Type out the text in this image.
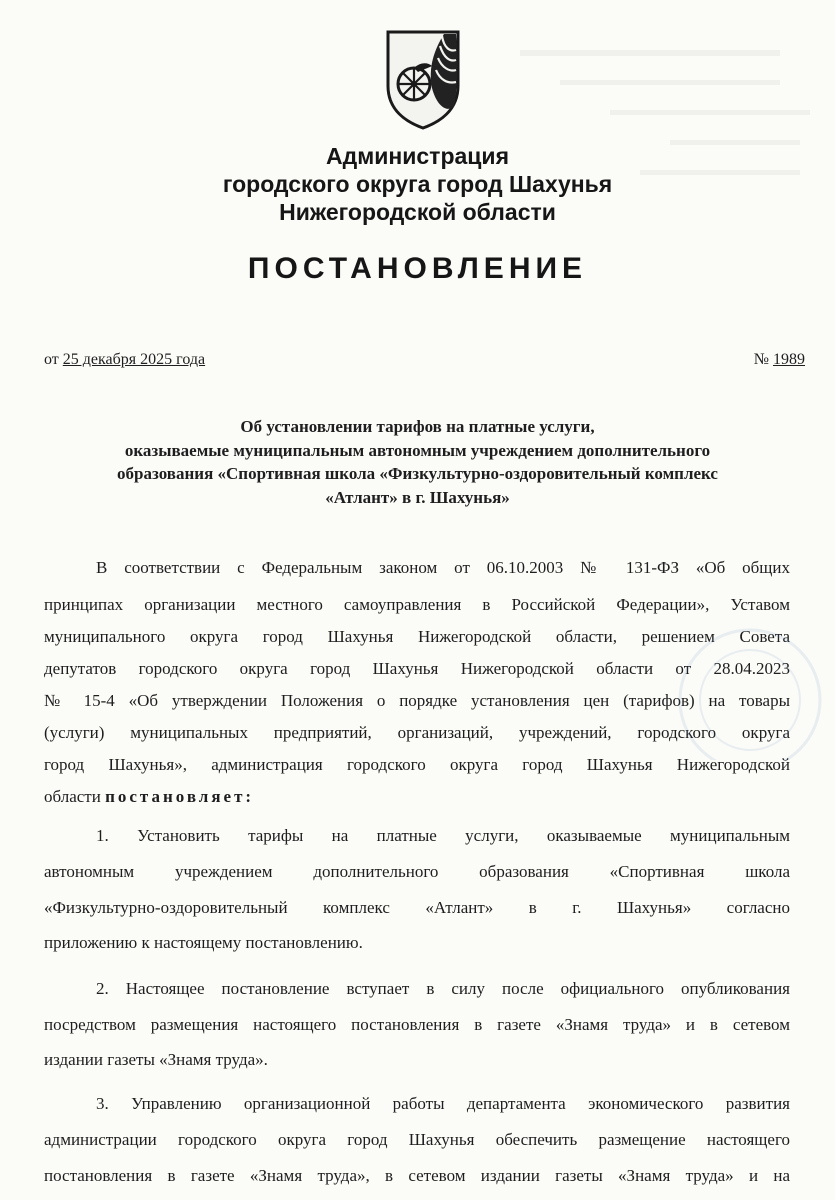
Администрация
городского округа город Шахунья
Нижегородской области
ПОСТАНОВЛЕНИЕ
от 25 декабря 2025 года	№ 1989
Об установлении тарифов на платные услуги,
оказываемые муниципальным автономным учреждением дополнительного
образования «Спортивная школа «Физкультурно-оздоровительный комплекс
«Атлант» в г. Шахунья»
В соответствии с Федеральным законом от 06.10.2003 № 131-ФЗ «Об общих
принципах организации местного самоуправления в Российской Федерации», Уставом
муниципального округа город Шахунья Нижегородской области, решением Совета
депутатов городского округа город Шахунья Нижегородской области от 28.04.2023
№ 15-4 «Об утверждении Положения о порядке установления цен (тарифов) на товары
(услуги) муниципальных предприятий, организаций, учреждений, городского округа
город Шахунья», администрация городского округа город Шахунья Нижегородской
области постановляет:
1. Установить тарифы на платные услуги, оказываемые муниципальным
автономным учреждением дополнительного образования «Спортивная школа
«Физкультурно-оздоровительный комплекс «Атлант» в г. Шахунья» согласно
приложению к настоящему постановлению.
2. Настоящее постановление вступает в силу после официального опубликования
посредством размещения настоящего постановления в газете «Знамя труда» и в сетевом
издании газеты «Знамя труда».
3. Управлению организационной работы департамента экономического развития
администрации городского округа город Шахунья обеспечить размещение настоящего
постановления в газете «Знамя труда», в сетевом издании газеты «Знамя труда» и на
